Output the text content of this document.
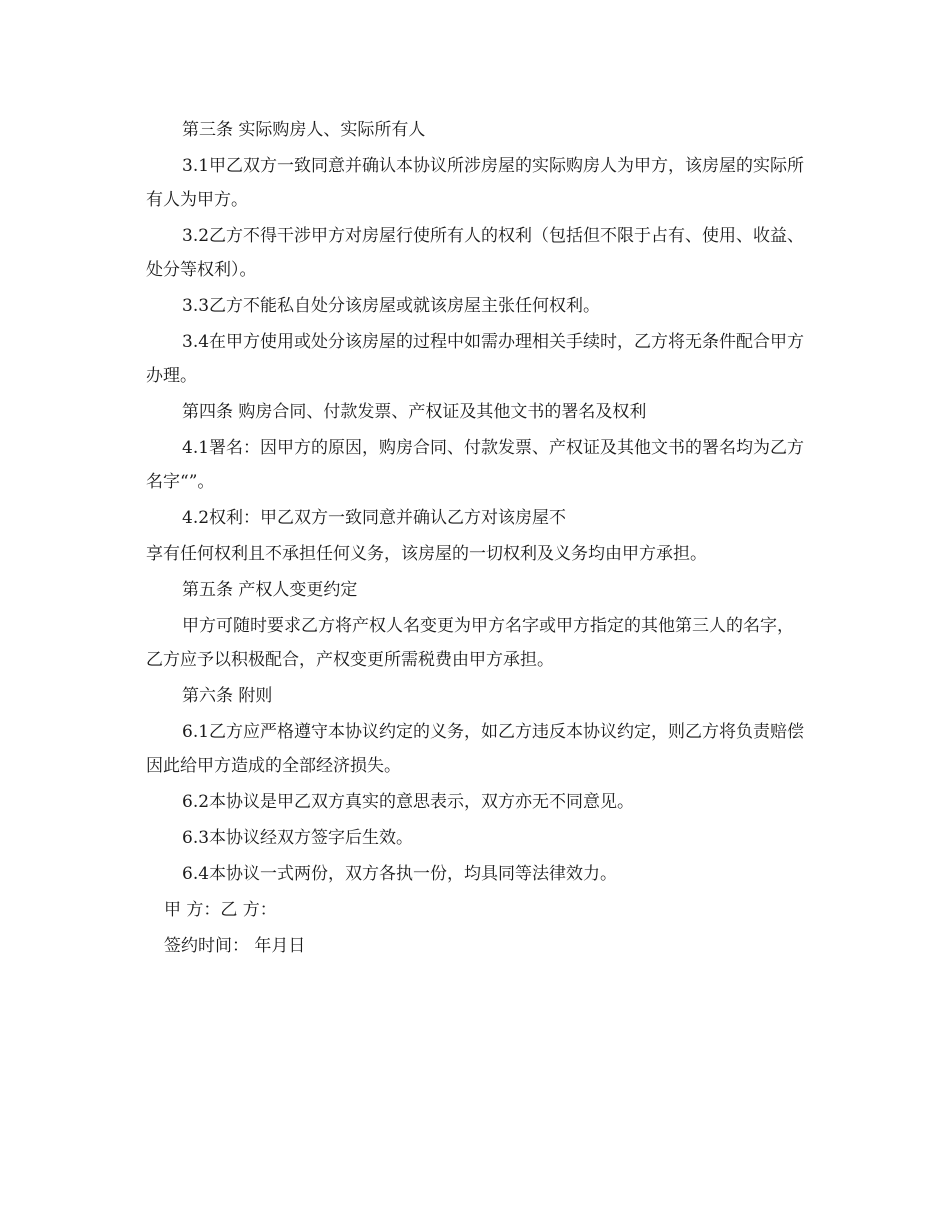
第三条 实际购房人、实际所有人

3.1甲乙双方一致同意并确认本协议所涉房屋的实际购房人为甲方，该房屋的实际所有人为甲方。

3.2乙方不得干涉甲方对房屋行使所有人的权利（包括但不限于占有、使用、收益、处分等权利）。

3.3乙方不能私自处分该房屋或就该房屋主张任何权利。

3.4在甲方使用或处分该房屋的过程中如需办理相关手续时，乙方将无条件配合甲方办理。

第四条 购房合同、付款发票、产权证及其他文书的署名及权利

4.1署名：因甲方的原因，购房合同、付款发票、产权证及其他文书的署名均为乙方名字“”。

4.2权利：甲乙双方一致同意并确认乙方对该房屋不

享有任何权利且不承担任何义务，该房屋的一切权利及义务均由甲方承担。

第五条 产权人变更约定

甲方可随时要求乙方将产权人名变更为甲方名字或甲方指定的其他第三人的名字，乙方应予以积极配合，产权变更所需税费由甲方承担。

第六条 附则

6.1乙方应严格遵守本协议约定的义务，如乙方违反本协议约定，则乙方将负责赔偿因此给甲方造成的全部经济损失。

6.2本协议是甲乙双方真实的意思表示，双方亦无不同意见。

6.3本协议经双方签字后生效。

6.4本协议一式两份，双方各执一份，均具同等法律效力。

甲 方：乙 方：

签约时间： 年月日
